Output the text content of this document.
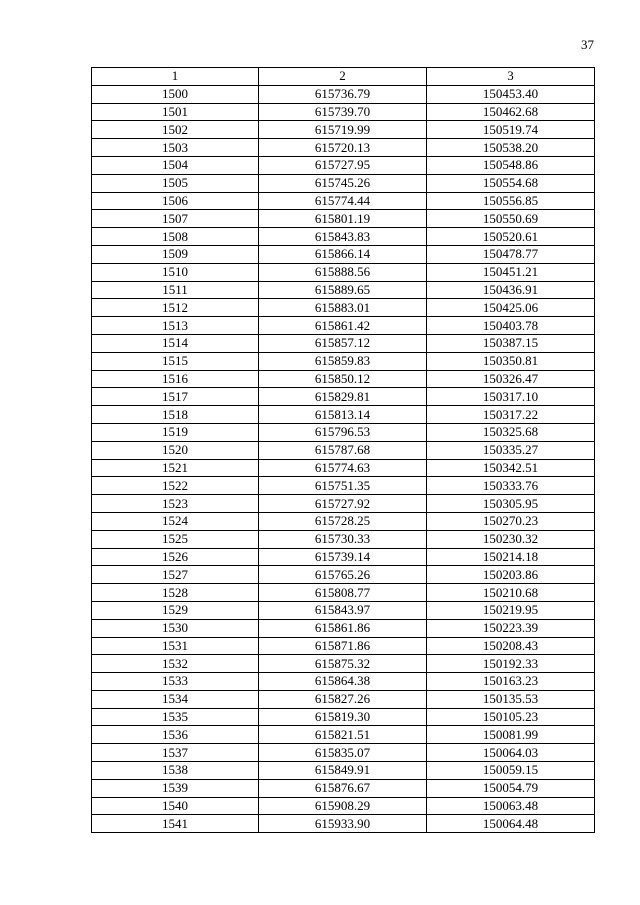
37
1	2	3
1500	615736.79	150453.40
1501	615739.70	150462.68
1502	615719.99	150519.74
1503	615720.13	150538.20
1504	615727.95	150548.86
1505	615745.26	150554.68
1506	615774.44	150556.85
1507	615801.19	150550.69
1508	615843.83	150520.61
1509	615866.14	150478.77
1510	615888.56	150451.21
1511	615889.65	150436.91
1512	615883.01	150425.06
1513	615861.42	150403.78
1514	615857.12	150387.15
1515	615859.83	150350.81
1516	615850.12	150326.47
1517	615829.81	150317.10
1518	615813.14	150317.22
1519	615796.53	150325.68
1520	615787.68	150335.27
1521	615774.63	150342.51
1522	615751.35	150333.76
1523	615727.92	150305.95
1524	615728.25	150270.23
1525	615730.33	150230.32
1526	615739.14	150214.18
1527	615765.26	150203.86
1528	615808.77	150210.68
1529	615843.97	150219.95
1530	615861.86	150223.39
1531	615871.86	150208.43
1532	615875.32	150192.33
1533	615864.38	150163.23
1534	615827.26	150135.53
1535	615819.30	150105.23
1536	615821.51	150081.99
1537	615835.07	150064.03
1538	615849.91	150059.15
1539	615876.67	150054.79
1540	615908.29	150063.48
1541	615933.90	150064.48
